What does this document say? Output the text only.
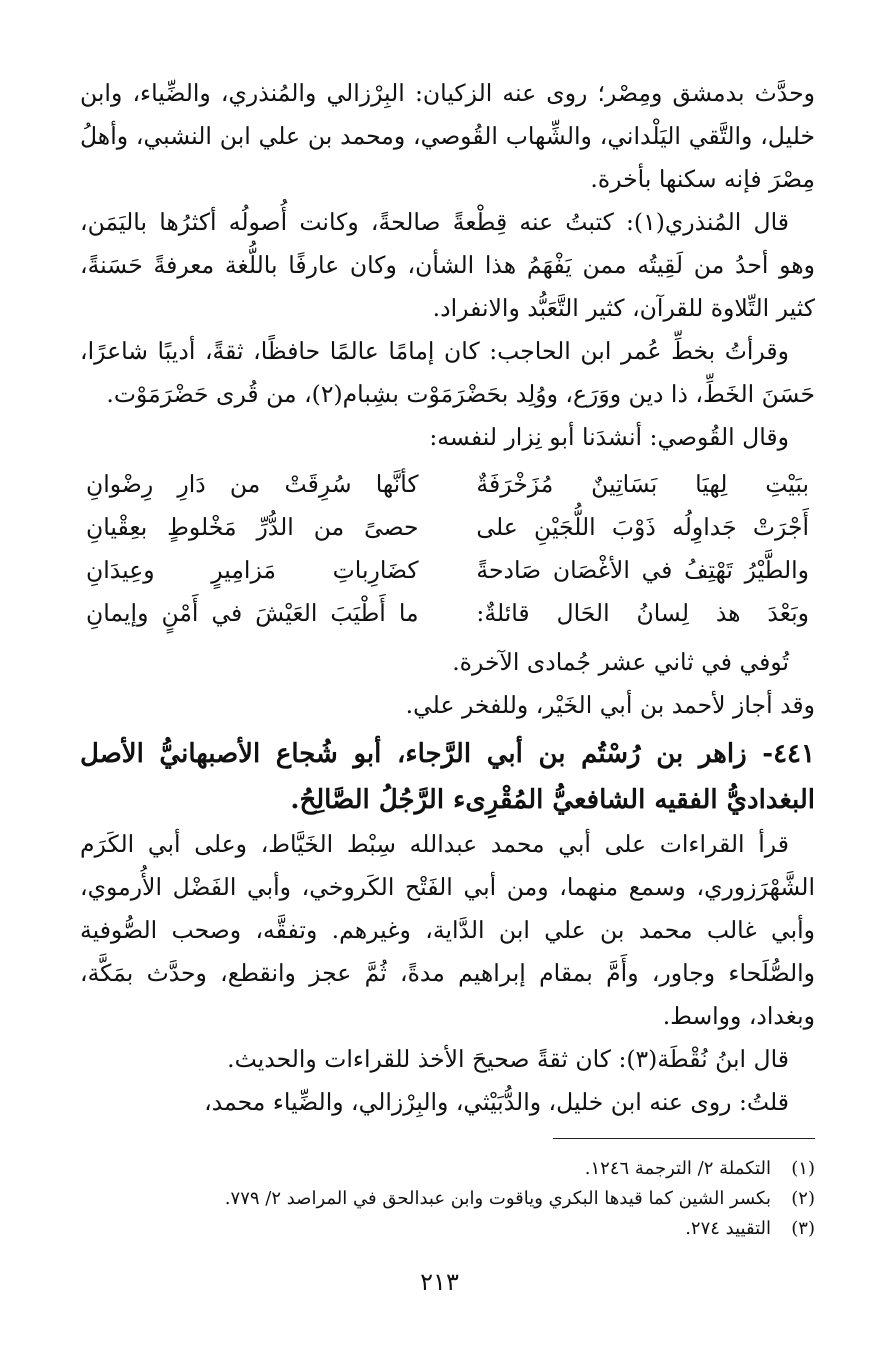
وحدَّث بدمشق ومِصْر؛ روى عنه الزكيان: البِرْزالي والمُنذري، والضِّياء، وابن خليل، والتَّقي اليَلْداني، والشِّهاب القُوصي، ومحمد بن علي ابن النشبي، وأهلُ مِصْرَ فإنه سكنها بأخرة.

قال المُنذري(١): كتبتُ عنه قِطْعةً صالحةً، وكانت أُصولُه أكثرُها باليَمَن، وهو أحدُ من لَقِيتُه ممن يَفْهَمُ هذا الشأن، وكان عارفًا باللُّغة معرفةً حَسَنةً، كثير التِّلاوة للقرآن، كثير التَّعَبُّد والانفراد.

وقرأتُ بخطِّ عُمر ابن الحاجب: كان إمامًا عالمًا حافظًا، ثقةً، أديبًا شاعرًا، حَسَنَ الخَطِّ، ذا دين ووَرَع، ووُلِد بحَضْرَمَوْت بشِبام(٢)، من قُرى حَضْرَمَوْت.

وقال القُوصي: أنشدَنا أبو نِزار لنفسه:

ببَيْتِ لِهيَا بَسَاتِينٌ مُزَخْرَفَةٌ
كأنَّها سُرِقَتْ من دَارِ رِضْوانِ
أَجْرَتْ جَداوِلُه ذَوْبَ اللُّجَيْنِ على
حصىً من الدُّرِّ مَخْلوطٍ بعِقْيانِ
والطَّيْرُ تَهْتِفُ في الأغْصَان صَادحةً
كضَارِباتِ مَزامِيرٍ وعِيدَانِ
وبَعْدَ هذ لِسانُ الحَال قائلةٌ:
ما أَطْيَبَ العَيْشَ في أَمْنٍ وإيمانِ

تُوفي في ثاني عشر جُمادى الآخرة.

وقد أجاز لأحمد بن أبي الخَيْر، وللفخر علي.

٤٤١- زاهر بن رُسْتُم بن أبي الرَّجاء، أبو شُجاع الأصبهانيُّ الأصل البغداديُّ الفقيه الشافعيُّ المُقْرِىء الرَّجُلُ الصَّالِحُ.

قرأ القراءات على أبي محمد عبدالله سِبْط الخَيَّاط، وعلى أبي الكَرَم الشَّهْرَزوري، وسمع منهما، ومن أبي الفَتْح الكَروخي، وأبي الفَضْل الأُرموي، وأبي غالب محمد بن علي ابن الدَّاية، وغيرهم. وتفقَّه، وصحب الصُّوفية والصُّلَحاء وجاور، وأَمَّ بمقام إبراهيم مدةً، ثُمَّ عجز وانقطع، وحدَّث بمَكَّة، وبغداد، وواسط.

قال ابنُ نُقْطَة(٣): كان ثقةً صحيحَ الأخذ للقراءات والحديث.

قلتُ: روى عنه ابن خليل، والدُّبَيْثي، والبِرْزالي، والضِّياء محمد،

(١)
التكملة ٢/ الترجمة ١٢٤٦.
(٢)
بكسر الشين كما قيدها البكري وياقوت وابن عبدالحق في المراصد ٢/ ٧٧٩.
(٣)
التقييد ٢٧٤.
٢١٣
